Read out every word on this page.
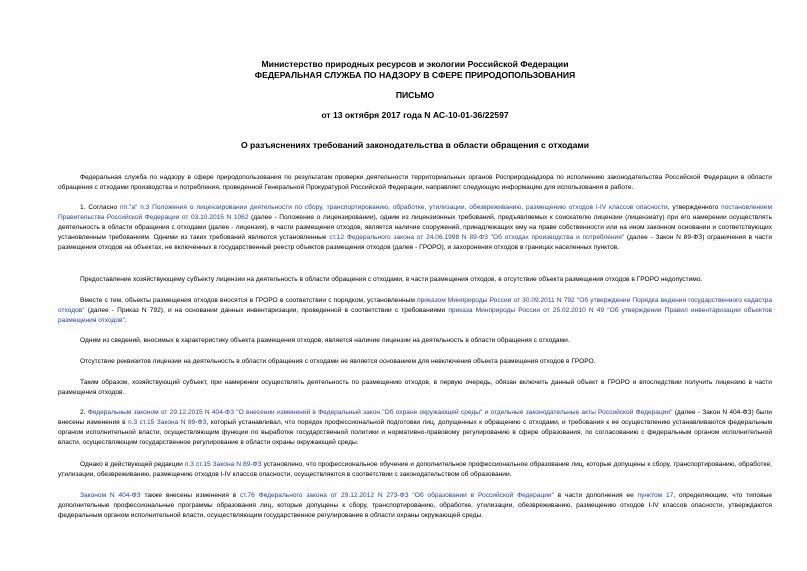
Министерство природных ресурсов и экологии Российской Федерации
ФЕДЕРАЛЬНАЯ СЛУЖБА ПО НАДЗОРУ В СФЕРЕ ПРИРОДОПОЛЬЗОВАНИЯ
ПИСЬМО
от 13 октября 2017 года N АС-10-01-36/22597
О разъяснениях требований законодательства в области обращения с отходами

Федеральная служба по надзору в сфере природопользования по результатам проверки деятельности территориальных органов Росприроднадзора по исполнению законодательства Российской Федерации в области обращения с отходами производства и потребления, проведенной Генеральной Прокуратурой Российской Федерации, направляет следующую информацию для использования в работе.

1. Согласно пп."а" п.3 Положения о лицензировании деятельности по сбору, транспортированию, обработке, утилизации, обезвреживанию, размещению отходов I-IV классов опасности, утвержденного постановлением Правительства Российской Федерации от 03.10.2015 N 1062 (далее - Положение о лицензировании), одним из лицензионных требований, предъявляемых к соискателю лицензии (лицензиату) при его намерении осуществлять деятельность в области обращения с отходами (далее - лицензия), в части размещения отходов, является наличие сооружений, принадлежащих ему на праве собственности или на ином законном основании и соответствующих установленным требованиям. Одними из таких требований являются установленные ст.12 Федерального закона от 24.06.1998 N 89-ФЗ "Об отходах производства и потребления" (далее - Закон N 89-ФЗ) ограничения в части размещения отходов на объектах, не включенных в государственный реестр объектов размещения отходов (далее - ГРОРО), и захоронения отходов в границах населенных пунктов.

Предоставление хозяйствующему субъекту лицензии на деятельность в области обращения с отходами, в части размещения отходов, в отсутствие объекта размещения отходов в ГРОРО недопустимо.

Вместе с тем, объекты размещения отходов вносятся в ГРОРО в соответствии с порядком, установленным приказом Минприроды России от 30.09.2011 N 792 "Об утверждении Порядка ведения государственного кадастра отходов" (далее - Приказ N 792), и на основании данных инвентаризации, проведенной в соответствии с требованиями приказа Минприроды России от 25.02.2010 N 49 "Об утверждении Правил инвентаризации объектов размещения отходов".

Одним из сведений, вносимых в характеристику объекта размещения отходов, является наличие лицензии на деятельность в области обращения с отходами.

Отсутствие реквизитов лицензии на деятельность в области обращения с отходами не является основанием для невключения объекта размещения отходов в ГРОРО.

Таким образом, хозяйствующий субъект, при намерении осуществлять деятельность по размещению отходов, в первую очередь, обязан включить данный объект в ГРОРО и впоследствии получить лицензию в части размещения отходов.

2. Федеральным законом от 29.12.2015 N 404-ФЗ "О внесении изменений в Федеральный закон "Об охране окружающей среды" и отдельные законодательные акты Российской Федерации" (далее - Закон N 404-ФЗ) были внесены изменения в п.3 ст.15 Закона N 89-ФЗ, который устанавливал, что порядок профессиональной подготовки лиц, допущенных к обращению с отходами, и требования к ее осуществлению устанавливаются федеральным органом исполнительной власти, осуществляющим функции по выработке государственной политики и нормативно-правовому регулированию в сфере образования, по согласованию с федеральным органом исполнительной власти, осуществляющим государственное регулирование в области охраны окружающей среды.

Однако в действующей редакции п.3 ст.15 Закона N 89-ФЗ установлено, что профессиональное обучение и дополнительное профессиональное образование лиц, которые допущены к сбору, транспортированию, обработке, утилизации, обезвреживанию, размещению отходов I-IV классов опасности, осуществляются в соответствии с законодательством об образовании.

Законом N 404-ФЗ также внесены изменения в ст.76 Федерального закона от 29.12.2012 N 273-ФЗ "Об образовании в Российской Федерации" в части дополнения ее пунктом 17, определяющим, что типовые дополнительные профессиональные программы образования лиц, которые допущены к сбору, транспортированию, обработке, утилизации, обезвреживанию, размещению отходов I-IV классов опасности, утверждаются федеральным органом исполнительной власти, осуществляющим государственное регулирование в области охраны окружающей среды.
